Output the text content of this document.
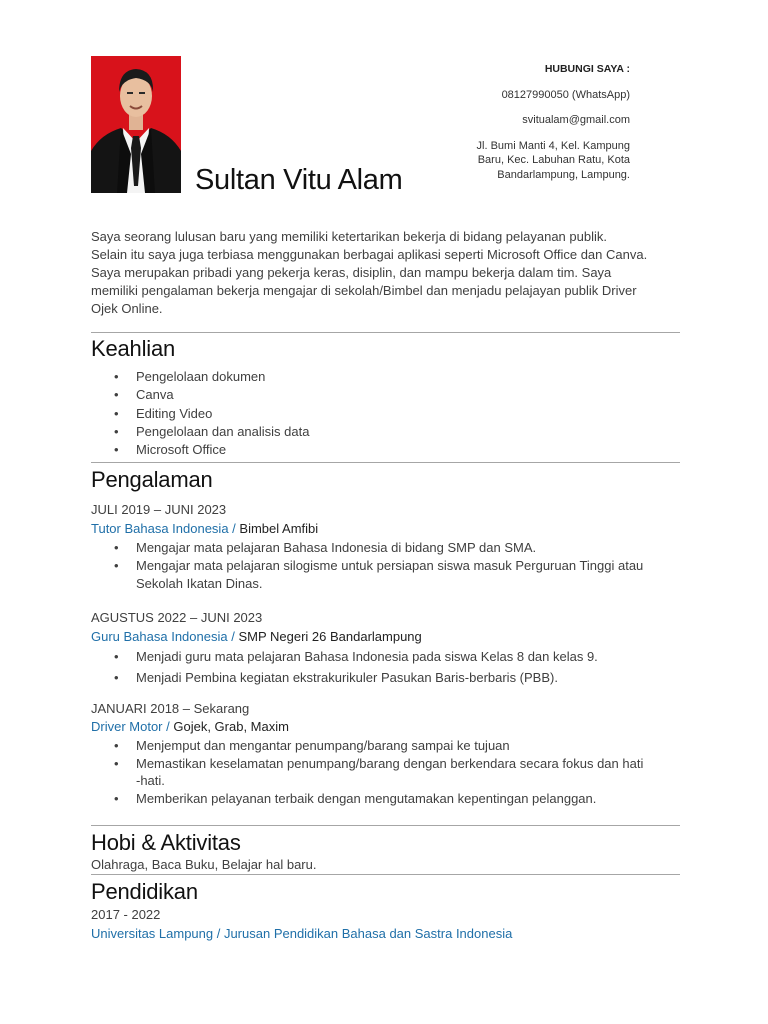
Sultan Vitu Alam
HUBUNGI SAYA :
08127990050 (WhatsApp)
svitualam@gmail.com
Jl. Bumi Manti 4, Kel. Kampung
Baru, Kec. Labuhan Ratu, Kota
Bandarlampung, Lampung.
Saya seorang lulusan baru yang memiliki ketertarikan bekerja di bidang pelayanan publik.
Selain itu saya juga terbiasa menggunakan berbagai aplikasi seperti Microsoft Office dan Canva.
Saya merupakan pribadi yang pekerja keras, disiplin, dan mampu bekerja dalam tim. Saya
memiliki pengalaman bekerja mengajar di sekolah/Bimbel dan menjadu pelajayan publik Driver
Ojek Online.
Keahlian
• Pengelolaan dokumen
• Canva
• Editing Video
• Pengelolaan dan analisis data
• Microsoft Office
Pengalaman
JULI 2019 – JUNI 2023
Tutor Bahasa Indonesia / Bimbel Amfibi
• Mengajar mata pelajaran Bahasa Indonesia di bidang SMP dan SMA.
• Mengajar mata pelajaran silogisme untuk persiapan siswa masuk Perguruan Tinggi atau
Sekolah Ikatan Dinas.
AGUSTUS 2022 – JUNI 2023
Guru Bahasa Indonesia / SMP Negeri 26 Bandarlampung
• Menjadi guru mata pelajaran Bahasa Indonesia pada siswa Kelas 8 dan kelas 9.
• Menjadi Pembina kegiatan ekstrakurikuler Pasukan Baris-berbaris (PBB).
JANUARI 2018 – Sekarang
Driver Motor / Gojek, Grab, Maxim
• Menjemput dan mengantar penumpang/barang sampai ke tujuan
• Memastikan keselamatan penumpang/barang dengan berkendara secara fokus dan hati
-hati.
• Memberikan pelayanan terbaik dengan mengutamakan kepentingan pelanggan.
Hobi & Aktivitas
Olahraga, Baca Buku, Belajar hal baru.
Pendidikan
2017 - 2022
Universitas Lampung / Jurusan Pendidikan Bahasa dan Sastra Indonesia
